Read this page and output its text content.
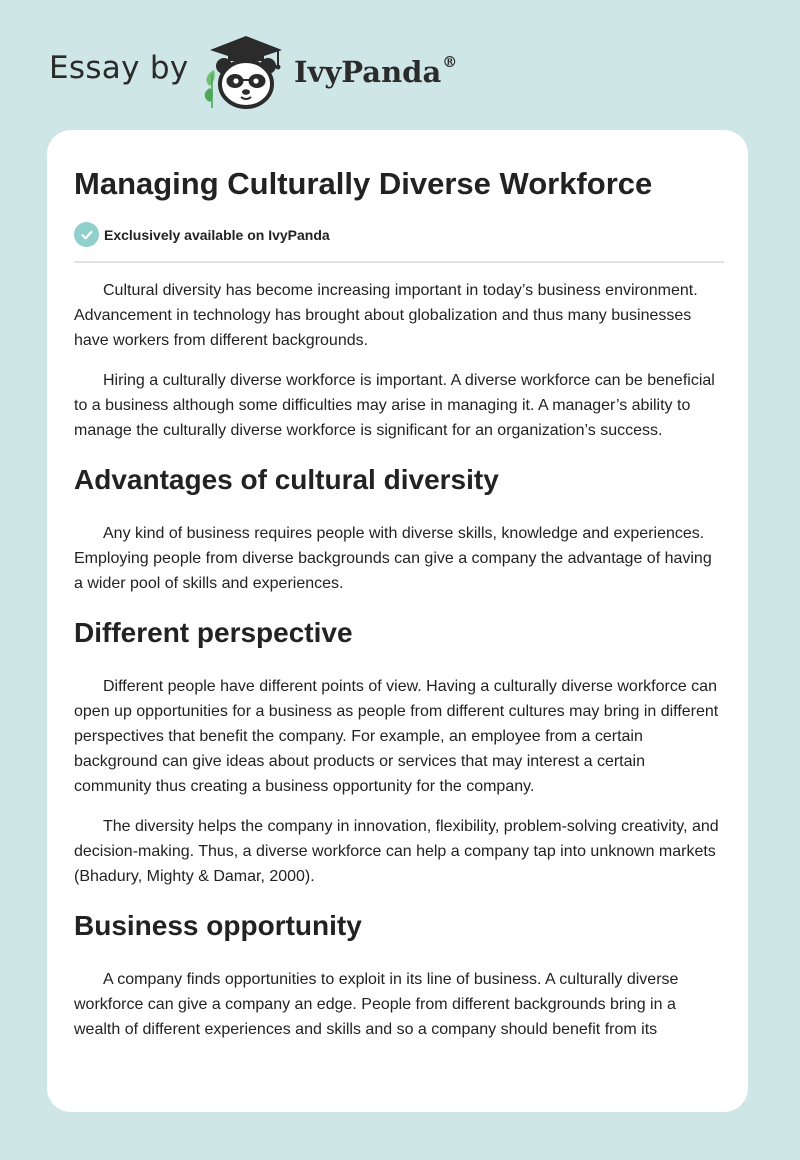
Essay by	IvyPanda®
Managing Culturally Diverse Workforce
Exclusively available on IvyPanda

Cultural diversity has become increasing important in today’s business environment. Advancement in technology has brought about globalization and thus many businesses have workers from different backgrounds.

Hiring a culturally diverse workforce is important. A diverse workforce can be beneficial to a business although some difficulties may arise in managing it. A manager’s ability to manage the culturally diverse workforce is significant for an organization’s success.

Advantages of cultural diversity

Any kind of business requires people with diverse skills, knowledge and experiences. Employing people from diverse backgrounds can give a company the advantage of having a wider pool of skills and experiences.

Different perspective

Different people have different points of view. Having a culturally diverse workforce can open up opportunities for a business as people from different cultures may bring in different perspectives that benefit the company. For example, an employee from a certain background can give ideas about products or services that may interest a certain community thus creating a business opportunity for the company.

The diversity helps the company in innovation, flexibility, problem-solving creativity, and decision-making. Thus, a diverse workforce can help a company tap into unknown markets (Bhadury, Mighty & Damar, 2000).

Business opportunity

A company finds opportunities to exploit in its line of business. A culturally diverse workforce can give a company an edge. People from different backgrounds bring in a wealth of different experiences and skills and so a company should benefit from its
